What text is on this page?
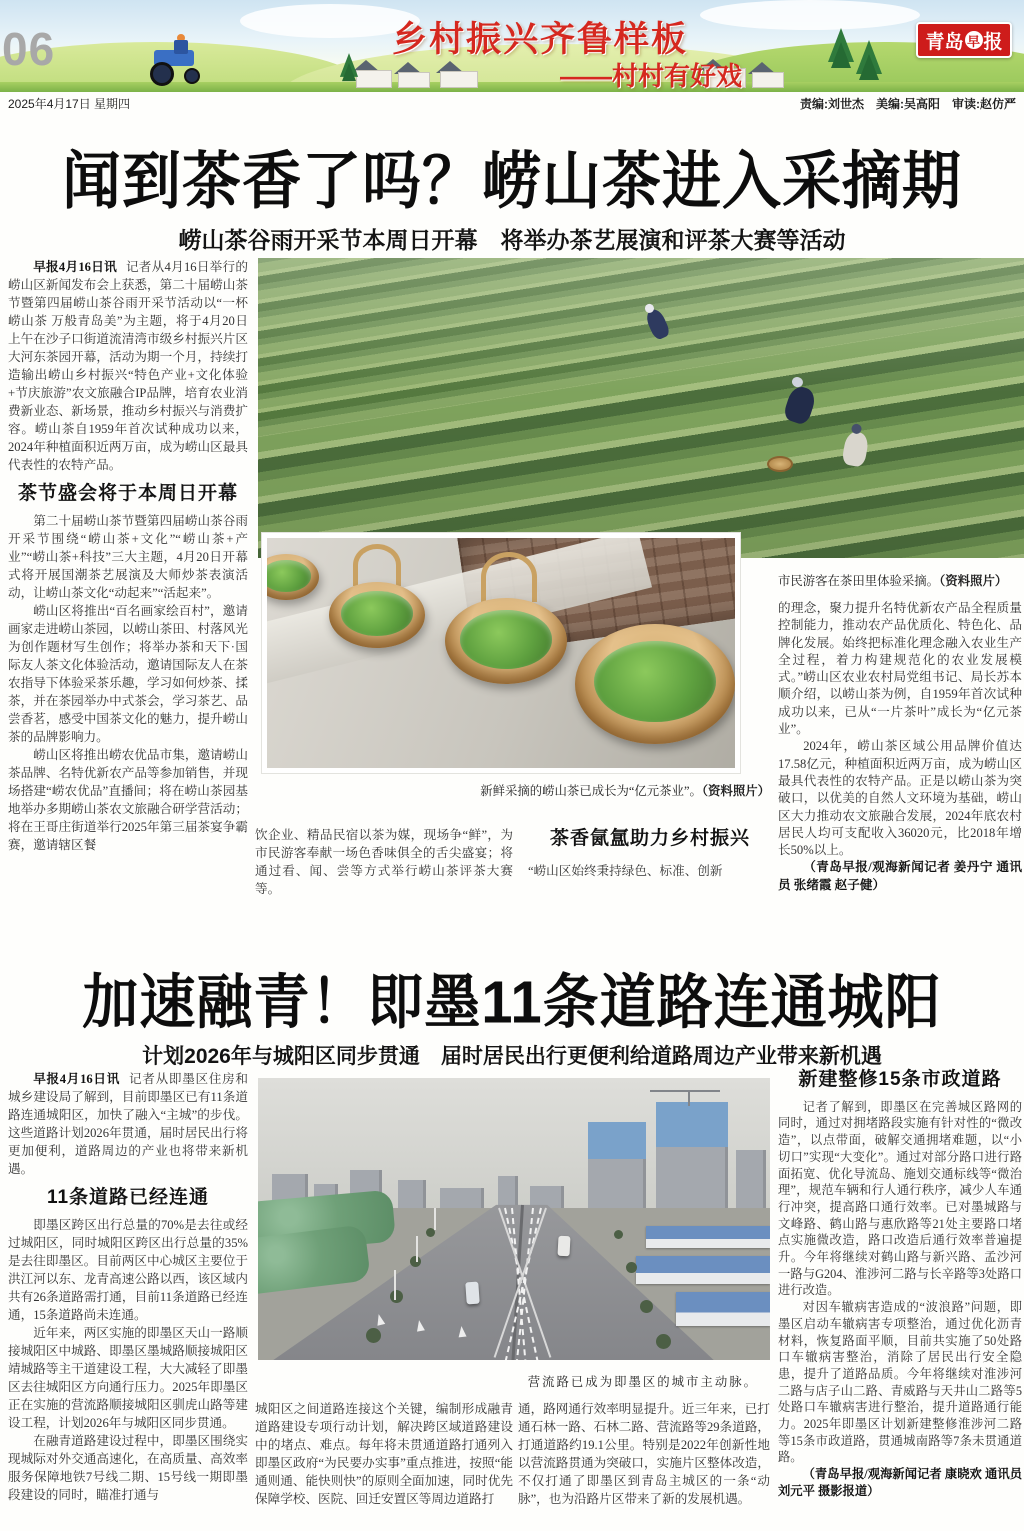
06	乡村振兴齐鲁样板
——村村有好戏
青岛 早 报
2025年4月17日 星期四	责编:刘世杰　美编:吴高阳　审读:赵仿严
闻到茶香了吗？崂山茶进入采摘期
崂山茶谷雨开采节本周日开幕　将举办茶艺展演和评茶大赛等活动

早报4月16日讯 记者从4月16日举行的崂山区新闻发布会上获悉，第二十届崂山茶节暨第四届崂山茶谷雨开采节活动以“一杯崂山茶 万般青岛美”为主题，将于4月20日上午在沙子口街道流清湾市级乡村振兴片区大河东茶园开幕，活动为期一个月，持续打造输出崂山乡村振兴“特色产业+文化体验+节庆旅游”农文旅融合IP品牌，培育农业消费新业态、新场景，推动乡村振兴与消费扩容。崂山茶自1959年首次试种成功以来，2024年种植面积近两万亩，成为崂山区最具代表性的农特产品。

茶节盛会将于本周日开幕

第二十届崂山茶节暨第四届崂山茶谷雨开采节围绕“崂山茶+文化”“崂山茶+产业”“崂山茶+科技”三大主题，4月20日开幕式将开展国潮茶艺展演及大师炒茶表演活动，让崂山茶文化“动起来”“活起来”。

崂山区将推出“百名画家绘百村”，邀请画家走进崂山茶园，以崂山茶田、村落风光为创作题材写生创作；将举办茶和天下·国际友人茶文化体验活动，邀请国际友人在茶农指导下体验采茶乐趣，学习如何炒茶、揉茶，并在茶园举办中式茶会，学习茶艺、品尝香茗，感受中国茶文化的魅力，提升崂山茶的品牌影响力。

崂山区将推出崂农优品市集，邀请崂山茶品牌、名特优新农产品等参加销售，并现场搭建“崂农优品”直播间；将在崂山茶园基地举办多期崂山茶农文旅融合研学营活动；将在王哥庄街道举行2025年第三届茶宴争霸赛，邀请辖区餐

市民游客在茶田里体验采摘。（资料照片）
新鲜采摘的崂山茶已成长为“亿元茶业”。（资料照片）

饮企业、精品民宿以茶为媒，现场争“鲜”，为市民游客奉献一场色香味俱全的舌尖盛宴；将通过看、闻、尝等方式举行崂山茶评茶大赛等。

茶香氤氲助力乡村振兴

“崂山区始终秉持绿色、标准、创新

的理念，聚力提升名特优新农产品全程质量控制能力，推动农产品优质化、特色化、品牌化发展。始终把标准化理念融入农业生产全过程，着力构建规范化的农业发展模式。”崂山区农业农村局党组书记、局长苏本顺介绍，以崂山茶为例，自1959年首次试种成功以来，已从“一片茶叶”成长为“亿元茶业”。

2024年，崂山茶区域公用品牌价值达17.58亿元，种植面积近两万亩，成为崂山区最具代表性的农特产品。正是以崂山茶为突破口，以优美的自然人文环境为基础，崂山区大力推动农文旅融合发展，2024年底农村居民人均可支配收入36020元，比2018年增长50%以上。

（青岛早报/观海新闻记者 姜丹宁 通讯员 张绪霞 赵子健）

加速融青！即墨11条道路连通城阳
计划2026年与城阳区同步贯通　届时居民出行更便利给道路周边产业带来新机遇

早报4月16日讯 记者从即墨区住房和城乡建设局了解到，目前即墨区已有11条道路连通城阳区，加快了融入“主城”的步伐。这些道路计划2026年贯通，届时居民出行将更加便利，道路周边的产业也将带来新机遇。

11条道路已经连通

即墨区跨区出行总量的70%是去往或经过城阳区，同时城阳区跨区出行总量的35%是去往即墨区。目前两区中心城区主要位于洪江河以东、龙青高速公路以西，该区域内共有26条道路需打通，目前11条道路已经连通，15条道路尚未连通。

近年来，两区实施的即墨区天山一路顺接城阳区中城路、即墨区墨城路顺接城阳区靖城路等主干道建设工程，大大减轻了即墨区去往城阳区方向通行压力。2025年即墨区正在实施的营流路顺接城阳区驯虎山路等建设工程，计划2026年与城阳区同步贯通。

在融青道路建设过程中，即墨区围绕实现城际对外交通高速化，在高质量、高效率服务保障地铁7号线二期、15号线一期即墨段建设的同时，瞄准打通与

营流路已成为即墨区的城市主动脉。

城阳区之间道路连接这个关键，编制形成融青道路建设专项行动计划，解决跨区域道路建设中的堵点、难点。每年将未贯通道路打通列入即墨区政府“为民要办实事”重点推进，按照“能通则通、能快则快”的原则全面加速，同时优先保障学校、医院、回迁安置区等周边道路打

通，路网通行效率明显提升。近三年来，已打通石林一路、石林二路、营流路等29条道路，打通道路约19.1公里。特别是2022年创新性地以营流路贯通为突破口，实施片区整体改造，不仅打通了即墨区到青岛主城区的一条“动脉”，也为沿路片区带来了新的发展机遇。

新建整修15条市政道路

记者了解到，即墨区在完善城区路网的同时，通过对拥堵路段实施有针对性的“微改造”，以点带面，破解交通拥堵难题，以“小切口”实现“大变化”。通过对部分路口进行路面拓宽、优化导流岛、施划交通标线等“微治理”，规范车辆和行人通行秩序，减少人车通行冲突，提高路口通行效率。已对墨城路与文峰路、鹤山路与惠欣路等21处主要路口堵点实施微改造，路口改造后通行效率普遍提升。今年将继续对鹤山路与新兴路、孟沙河一路与G204、淮涉河二路与长辛路等3处路口进行改造。

对因车辙病害造成的“波浪路”问题，即墨区启动车辙病害专项整治，通过优化沥青材料，恢复路面平顺，目前共实施了50处路口车辙病害整治，消除了居民出行安全隐患，提升了道路品质。今年将继续对淮涉河二路与店子山二路、青威路与天井山二路等5处路口车辙病害进行整治，提升道路通行能力。2025年即墨区计划新建整修淮涉河二路等15条市政道路，贯通城南路等7条未贯通道路。

（青岛早报/观海新闻记者 康晓欢 通讯员 刘元平 摄影报道）
